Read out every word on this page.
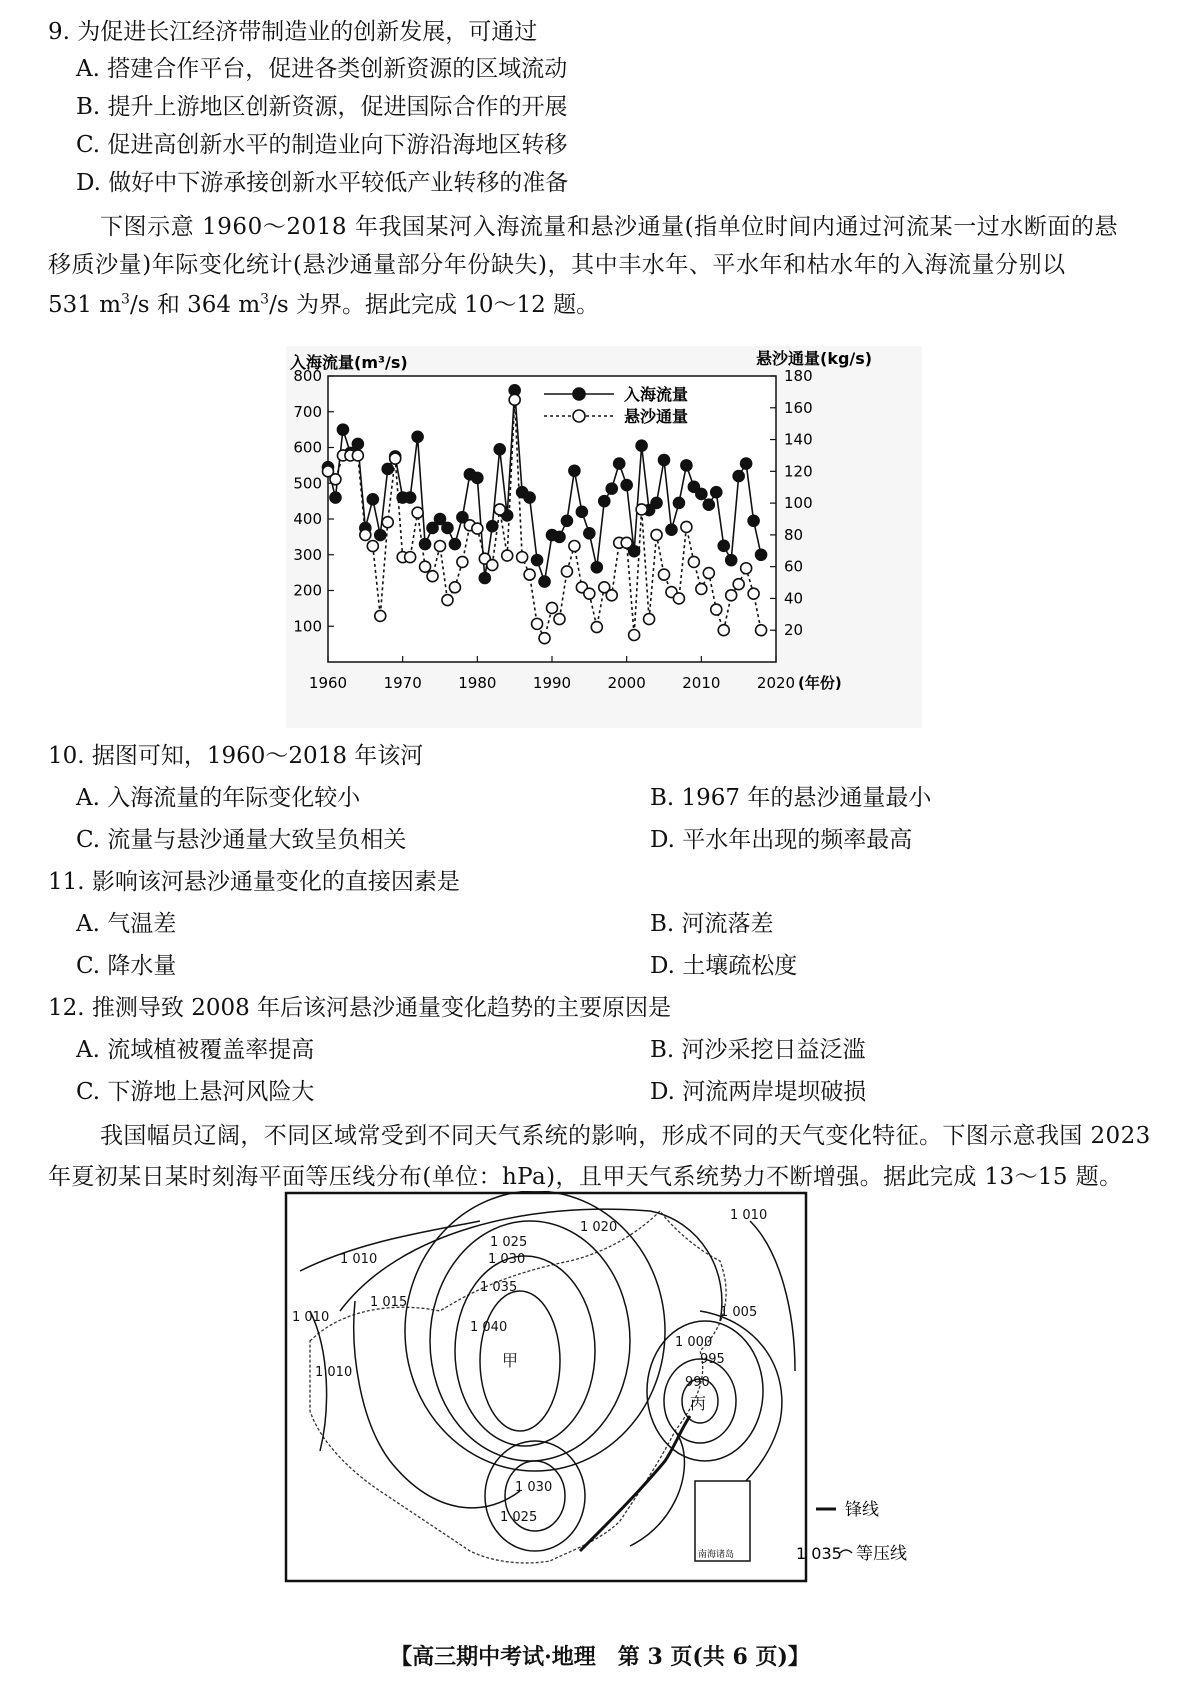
9. 为促进长江经济带制造业的创新发展，可通过
A. 搭建合作平台，促进各类创新资源的区域流动
B. 提升上游地区创新资源，促进国际合作的开展
C. 促进高创新水平的制造业向下游沿海地区转移
D. 做好中下游承接创新水平较低产业转移的准备
下图示意 1960～2018 年我国某河入海流量和悬沙通量(指单位时间内通过河流某一过水断面的悬
移质沙量)年际变化统计(悬沙通量部分年份缺失)，其中丰水年、平水年和枯水年的入海流量分别以
531 $m^3/s$ 和 364 $m^3/s$ 为界。据此完成 10～12 题。
入海流量(m³/s)	悬沙通量(kg/s)
100
200
300
400
500
600
700
800
20
40
60
80
100
120
140
160
180
1960 1970 1980 1990 2000 2010 2020 (年份)
入海流量
悬沙通量
10. 据图可知，1960～2018 年该河
A. 入海流量的年际变化较小	B. 1967 年的悬沙通量最小
C. 流量与悬沙通量大致呈负相关	D. 平水年出现的频率最高
11. 影响该河悬沙通量变化的直接因素是
A. 气温差	B. 河流落差
C. 降水量	D. 土壤疏松度
12. 推测导致 2008 年后该河悬沙通量变化趋势的主要原因是
A. 流域植被覆盖率提高	B. 河沙采挖日益泛滥
C. 下游地上悬河风险大	D. 河流两岸堤坝破损
我国幅员辽阔，不同区域常受到不同天气系统的影响，形成不同的天气变化特征。下图示意我国 2023
年夏初某日某时刻海平面等压线分布(单位：hPa)，且甲天气系统势力不断增强。据此完成 13～15 题。
南海诸岛
1 020
1 025
1 030
1 035
1 040
1 010
1 015
1 010
1 010
1 010
1 005
1 000
995
990
1 030
1 025
甲
丙
锋线
1 035 等压线
【高三期中考试·地理　第 3 页(共 6 页)】
